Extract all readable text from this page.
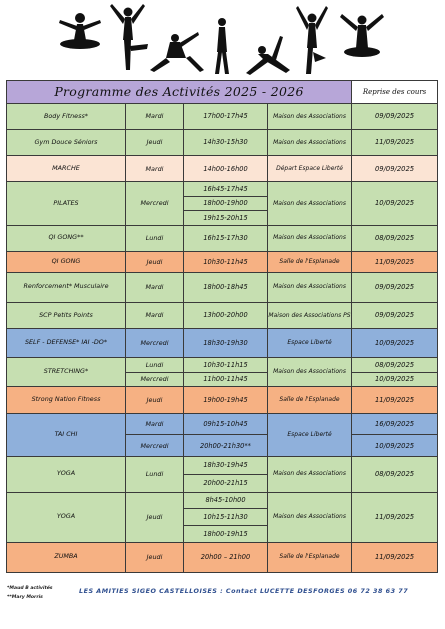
Programme des Activités 2025 - 2026				Reprise des cours
Body Fitness*	Mardi	17h00-17h45	Maison des Associations	09/09/2025
Gym Douce Séniors	Jeudi	14h30-15h30	Maison des Associations	11/09/2025
MARCHE	Mardi	14h00-16h00	Départ Espace Liberté	09/09/2025
PILATES	Mercredi	16h45-17h45	Maison des Associations	10/09/2025
		18h00-19h00		
		19h15-20h15		
QI GONG**	Lundi	16h15-17h30	Maison des Associations	08/09/2025
QI GONG	Jeudi	10h30-11h45	Salle de l'Esplanade	11/09/2025
Renforcement* Musculaire	Mardi	18h00-18h45	Maison des Associations	09/09/2025
SCP Petits Points	Mardi	13h00-20h00	Maison des Associations PS	09/09/2025
SELF - DEFENSE* IAI -DO*	Mercredi	18h30-19h30	Espace Liberté	10/09/2025
STRETCHING*	Lundi	10h30-11h15	Maison des Associations	08/09/2025
	Mercredi	11h00-11h45		10/09/2025
Strong Nation Fitness	Jeudi	19h00-19h45	Salle de l'Esplanade	11/09/2025
TAI CHI	Mardi	09h15-10h45	Espace Liberté	16/09/2025
	Mercredi	20h00-21h30**		10/09/2025
YOGA	Lundi	18h30-19h45	Maison des Associations	08/09/2025
		20h00-21h15		
YOGA	Jeudi	8h45-10h00	Maison des Associations	11/09/2025
		10h15-11h30		
		18h00-19h15		
ZUMBA	Jeudi	20h00 – 21h00	Salle de l'Esplanade	11/09/2025
*Maud B activités
**Mary Morris
LES AMITIES SIGEO CASTELLOISES : Contact LUCETTE DESFORGES 06 72 38 63 77
